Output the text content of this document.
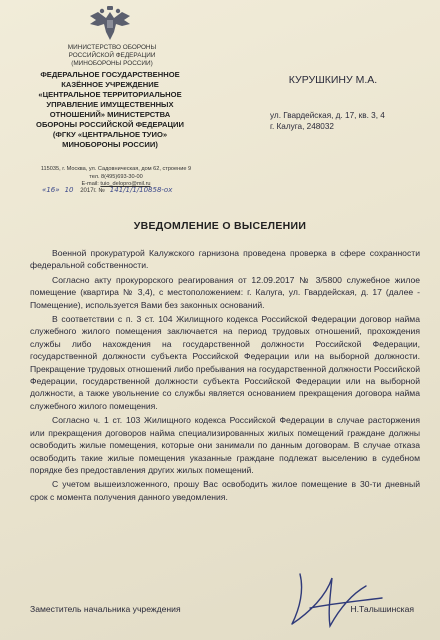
МИНИСТЕРСТВО ОБОРОНЫ
РОССИЙСКОЙ ФЕДЕРАЦИИ
(МИНОБОРОНЫ РОССИИ)
ФЕДЕРАЛЬНОЕ ГОСУДАРСТВЕННОЕ
КАЗЁННОЕ УЧРЕЖДЕНИЕ
«ЦЕНТРАЛЬНОЕ ТЕРРИТОРИАЛЬНОЕ
УПРАВЛЕНИЕ ИМУЩЕСТВЕННЫХ
ОТНОШЕНИЙ» МИНИСТЕРСТВА
ОБОРОНЫ РОССИЙСКОЙ ФЕДЕРАЦИИ
(ФГКУ «ЦЕНТРАЛЬНОЕ ТУИО»
МИНОБОРОНЫ РОССИИ)
115035, г. Москва, ул. Садовническая, дом 62, строение 9
тел. 8(495)693-30-00
E-mail: tuio_delopro@mil.ru
«16» 10 2017г. № 141/1/1/10858-ох
КУРУШКИНУ М.А.
ул. Гвардейская, д. 17, кв. 3, 4
г. Калуга, 248032
УВЕДОМЛЕНИЕ О ВЫСЕЛЕНИИ

Военной прокуратурой Калужского гарнизона проведена проверка в сфере сохранности федеральной собственности.

Согласно акту прокурорского реагирования от 12.09.2017 № 3/5800 служебное жилое помещение (квартира № 3,4), с местоположением: г. Калуга, ул. Гвардейская, д. 17 (далее - Помещение), используется Вами без законных оснований.

В соответствии с п. 3 ст. 104 Жилищного кодекса Российской Федерации договор найма служебного жилого помещения заключается на период трудовых отношений, прохождения службы либо нахождения на государственной должности Российской Федерации, государственной должности субъекта Российской Федерации или на выборной должности. Прекращение трудовых отношений либо пребывания на государственной должности Российской Федерации, государственной должности субъекта Российской Федерации или на выборной должности, а также увольнение со службы является основанием прекращения договора найма служебного жилого помещения.

Согласно ч. 1 ст. 103 Жилищного кодекса Российской Федерации в случае расторжения или прекращения договоров найма специализированных жилых помещений граждане должны освободить жилые помещения, которые они занимали по данным договорам. В случае отказа освободить такие жилые помещения указанные граждане подлежат выселению в судебном порядке без предоставления других жилых помещений.

С учетом вышеизложенного, прошу Вас освободить жилое помещение в 30-ти дневный срок с момента получения данного уведомления.

Заместитель начальника учреждения	Н.Талышинская
